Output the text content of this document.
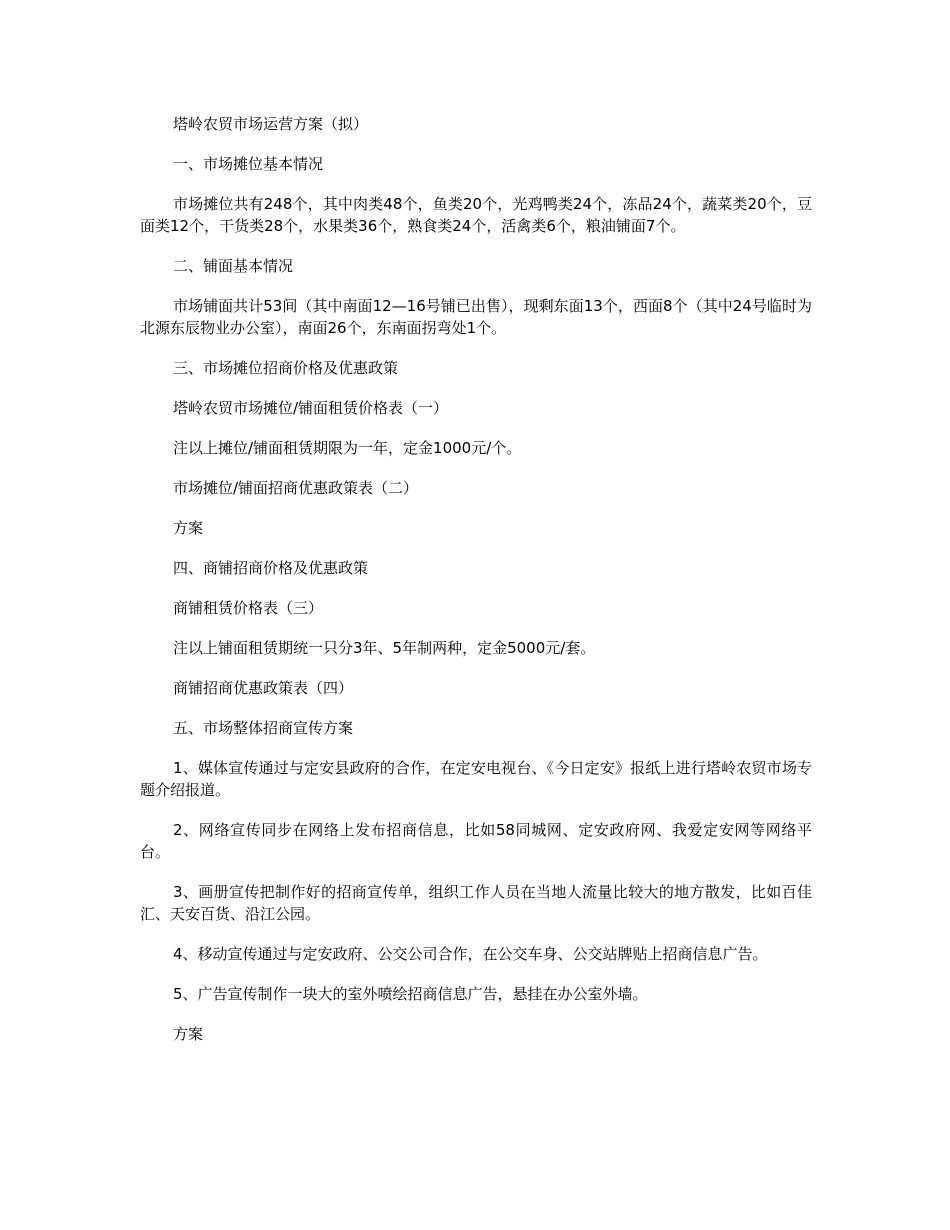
塔岭农贸市场运营方案（拟）

一、市场摊位基本情况

市场摊位共有248个，其中肉类48个，鱼类20个，光鸡鸭类24个，冻品24个，蔬菜类20个，豆面类12个，干货类28个，水果类36个，熟食类24个，活禽类6个，粮油铺面7个。

二、铺面基本情况

市场铺面共计53间（其中南面12—16号铺已出售），现剩东面13个，西面8个（其中24号临时为北源东辰物业办公室），南面26个，东南面拐弯处1个。

三、市场摊位招商价格及优惠政策

塔岭农贸市场摊位/铺面租赁价格表（一）

注以上摊位/铺面租赁期限为一年，定金1000元/个。

市场摊位/铺面招商优惠政策表（二）

方案

四、商铺招商价格及优惠政策

商铺租赁价格表（三）

注以上铺面租赁期统一只分3年、5年制两种，定金5000元/套。

商铺招商优惠政策表（四）

五、市场整体招商宣传方案

1、媒体宣传通过与定安县政府的合作，在定安电视台、《今日定安》报纸上进行塔岭农贸市场专题介绍报道。

2、网络宣传同步在网络上发布招商信息，比如58同城网、定安政府网、我爱定安网等网络平台。

3、画册宣传把制作好的招商宣传单，组织工作人员在当地人流量比较大的地方散发，比如百佳汇、天安百货、沿江公园。

4、移动宣传通过与定安政府、公交公司合作，在公交车身、公交站牌贴上招商信息广告。

5、广告宣传制作一块大的室外喷绘招商信息广告，悬挂在办公室外墙。

方案
